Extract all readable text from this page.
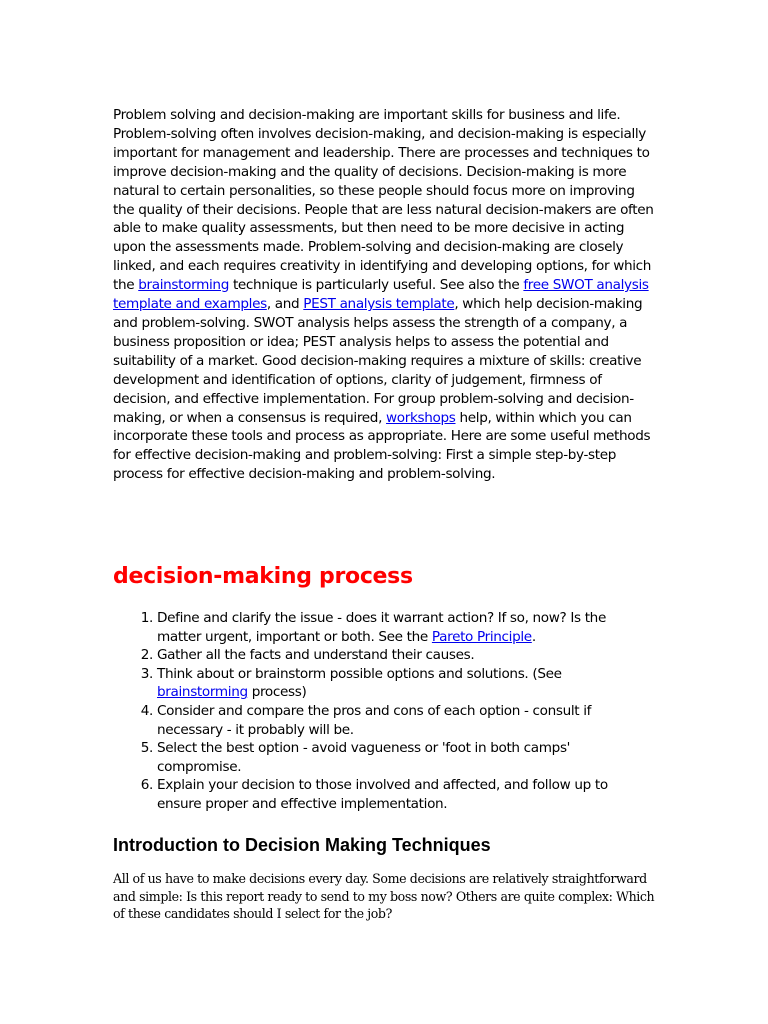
Problem solving and decision-making are important skills for business and life. Problem-solving often involves decision-making, and decision-making is especially important for management and leadership. There are processes and techniques to improve decision-making and the quality of decisions. Decision-making is more natural to certain personalities, so these people should focus more on improving the quality of their decisions. People that are less natural decision-makers are often able to make quality assessments, but then need to be more decisive in acting upon the assessments made. Problem-solving and decision-making are closely linked, and each requires creativity in identifying and developing options, for which the brainstorming technique is particularly useful. See also the free SWOT analysis template and examples, and PEST analysis template, which help decision-making and problem-solving. SWOT analysis helps assess the strength of a company, a business proposition or idea; PEST analysis helps to assess the potential and suitability of a market. Good decision-making requires a mixture of skills: creative development and identification of options, clarity of judgement, firmness of decision, and effective implementation. For group problem-solving and decision-making, or when a consensus is required, workshops help, within which you can incorporate these tools and process as appropriate. Here are some useful methods for effective decision-making and problem-solving: First a simple step-by-step process for effective decision-making and problem-solving.

decision-making process
1. Define and clarify the issue - does it warrant action? If so, now? Is the matter urgent, important or both. See the Pareto Principle.
2. Gather all the facts and understand their causes.
3. Think about or brainstorm possible options and solutions. (See brainstorming process)
4. Consider and compare the pros and cons of each option - consult if necessary - it probably will be.
5. Select the best option - avoid vagueness or 'foot in both camps' compromise.
6. Explain your decision to those involved and affected, and follow up to ensure proper and effective implementation.
Introduction to Decision Making Techniques

All of us have to make decisions every day. Some decisions are relatively straightforward and simple: Is this report ready to send to my boss now? Others are quite complex: Which of these candidates should I select for the job?
